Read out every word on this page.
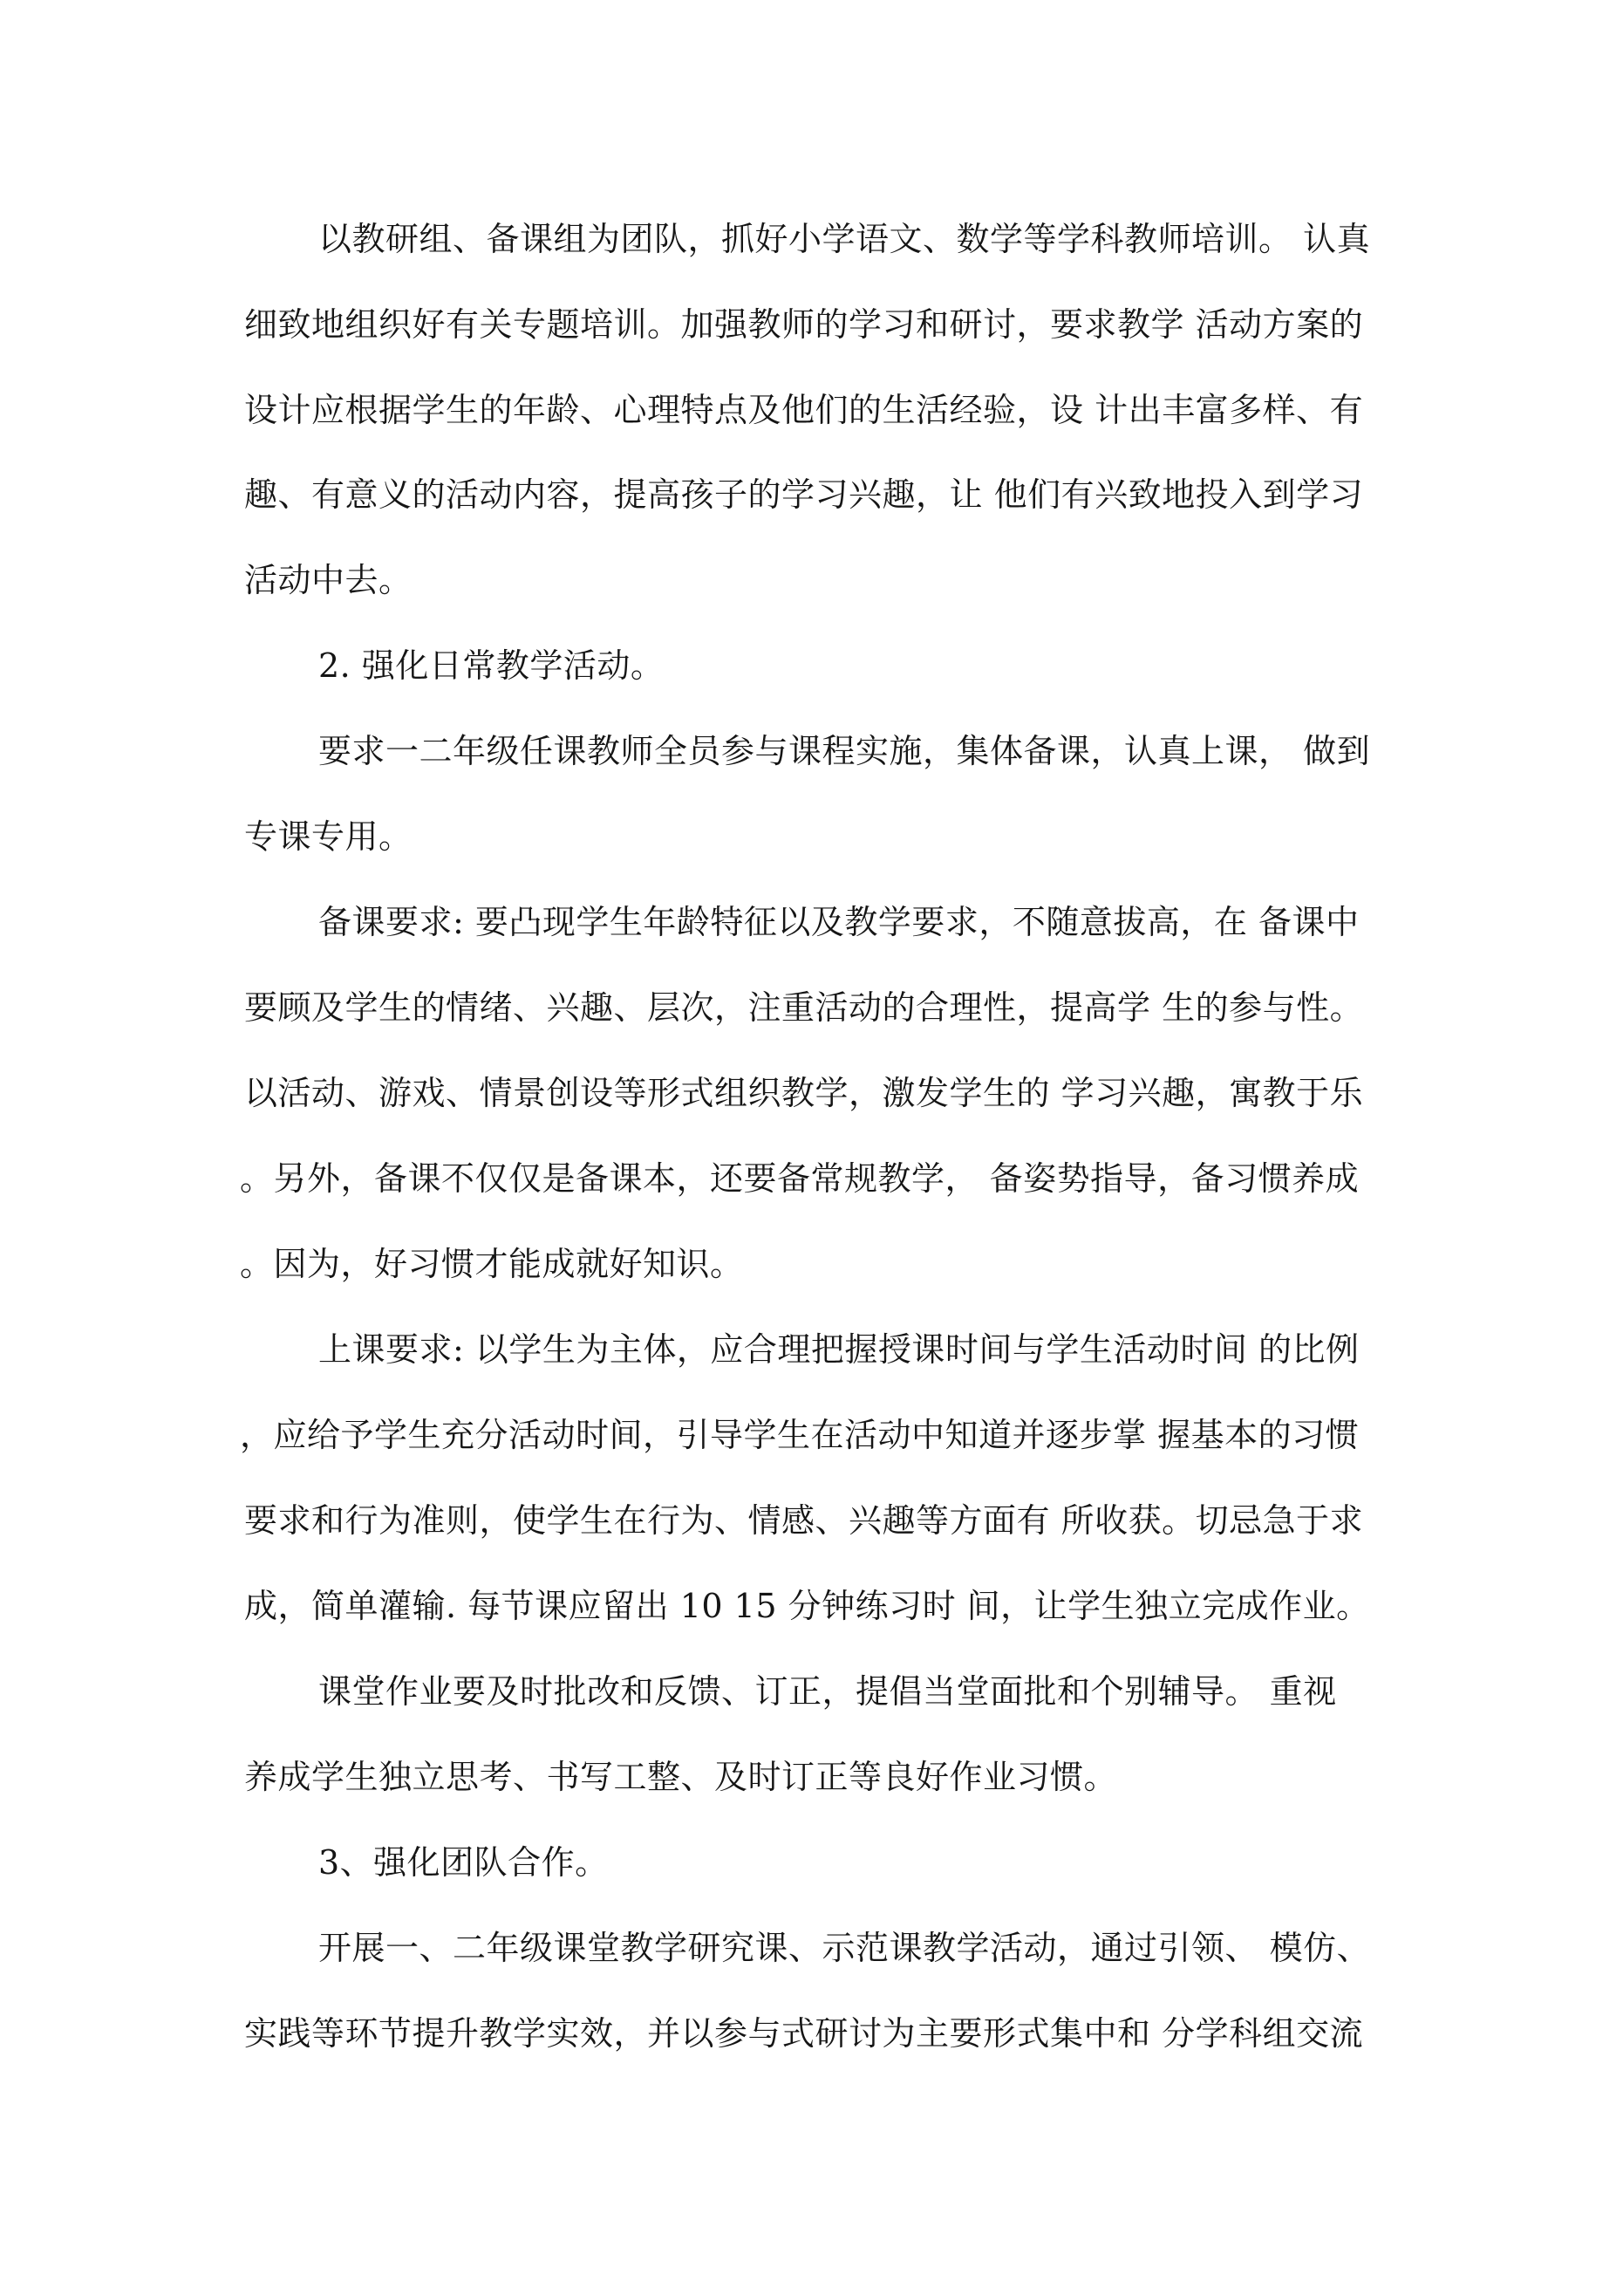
以教研组、备课组为团队，抓好小学语文、数学等学科教师培训。 认真
细致地组织好有关专题培训。加强教师的学习和研讨，要求教学 活动方案的
设计应根据学生的年龄、心理特点及他们的生活经验，设 计出丰富多样、有
趣、有意义的活动内容，提高孩子的学习兴趣，让 他们有兴致地投入到学习
活动中去。
2. 强化日常教学活动。
要求一二年级任课教师全员参与课程实施，集体备课，认真上课， 做到
专课专用。
备课要求: 要凸现学生年龄特征以及教学要求，不随意拔高，在 备课中
要顾及学生的情绪、兴趣、层次，注重活动的合理性，提高学 生的参与性。
以活动、游戏、情景创设等形式组织教学，激发学生的 学习兴趣，寓教于乐
。另外，备课不仅仅是备课本，还要备常规教学， 备姿势指导，备习惯养成
。因为，好习惯才能成就好知识。
上课要求: 以学生为主体，应合理把握授课时间与学生活动时间 的比例
，应给予学生充分活动时间，引导学生在活动中知道并逐步掌 握基本的习惯
要求和行为准则，使学生在行为、情感、兴趣等方面有 所收获。切忌急于求
成，简单灌输. 每节课应留出 10 15 分钟练习时 间，让学生独立完成作业。
课堂作业要及时批改和反馈、订正，提倡当堂面批和个别辅导。 重视
养成学生独立思考、书写工整、及时订正等良好作业习惯。
3、强化团队合作。
开展一、二年级课堂教学研究课、示范课教学活动，通过引领、 模仿、
实践等环节提升教学实效，并以参与式研讨为主要形式集中和 分学科组交流
